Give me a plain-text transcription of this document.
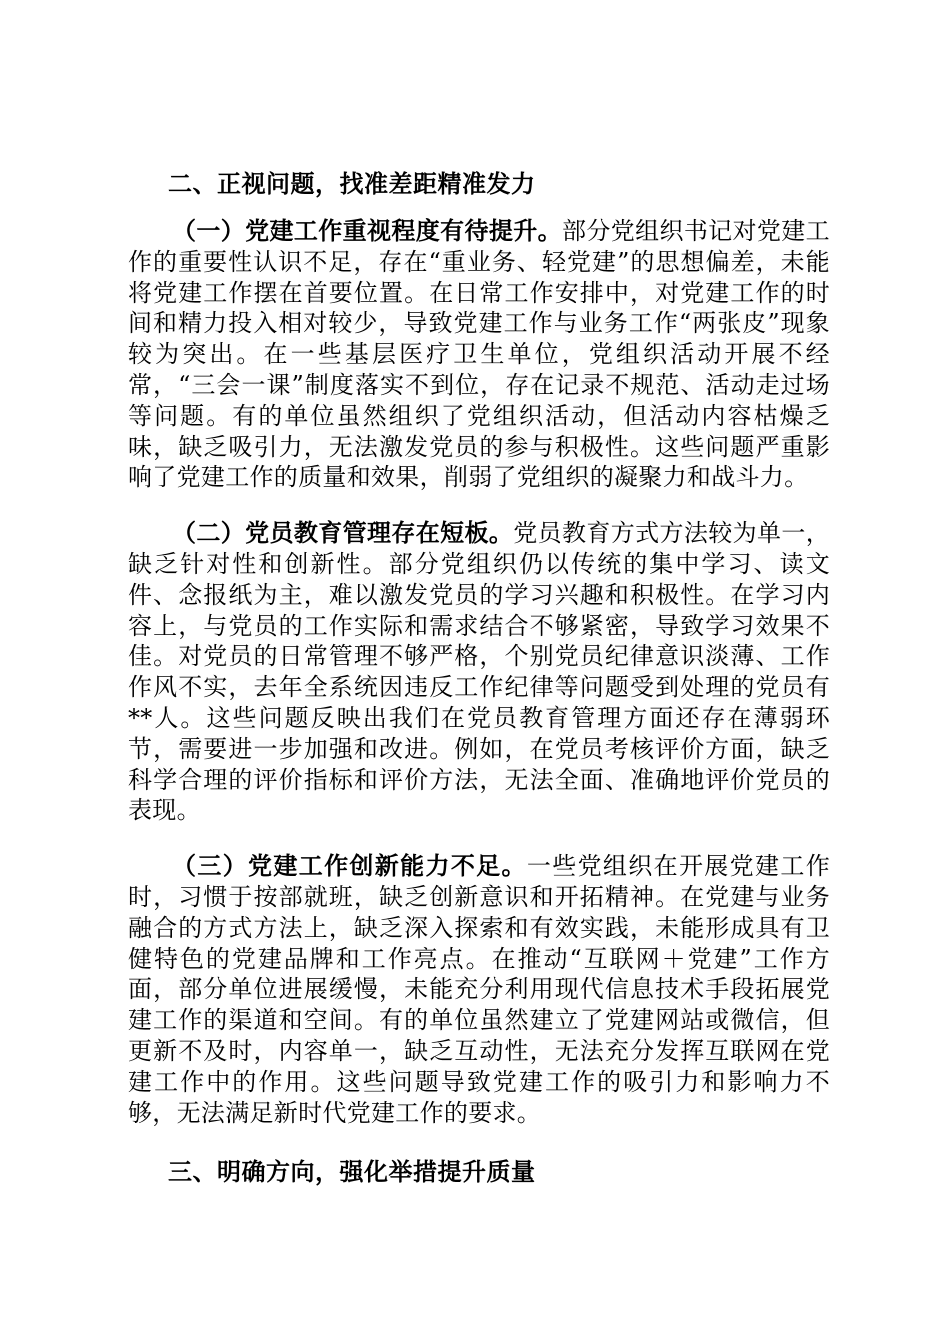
二、正视问题，找准差距精准发力

（一）党建工作重视程度有待提升。部分党组织书记对党建工作的重要性认识不足，存在“重业务、轻党建”的思想偏差，未能将党建工作摆在首要位置。在日常工作安排中，对党建工作的时间和精力投入相对较少，导致党建工作与业务工作“两张皮”现象较为突出。在一些基层医疗卫生单位，党组织活动开展不经常，“三会一课”制度落实不到位，存在记录不规范、活动走过场等问题。有的单位虽然组织了党组织活动，但活动内容枯燥乏味，缺乏吸引力，无法激发党员的参与积极性。这些问题严重影响了党建工作的质量和效果，削弱了党组织的凝聚力和战斗力。

（二）党员教育管理存在短板。党员教育方式方法较为单一，缺乏针对性和创新性。部分党组织仍以传统的集中学习、读文件、念报纸为主，难以激发党员的学习兴趣和积极性。在学习内容上，与党员的工作实际和需求结合不够紧密，导致学习效果不佳。对党员的日常管理不够严格，个别党员纪律意识淡薄、工作作风不实，去年全系统因违反工作纪律等问题受到处理的党员有**人。这些问题反映出我们在党员教育管理方面还存在薄弱环节，需要进一步加强和改进。例如，在党员考核评价方面，缺乏科学合理的评价指标和评价方法，无法全面、准确地评价党员的表现。

（三）党建工作创新能力不足。一些党组织在开展党建工作时，习惯于按部就班，缺乏创新意识和开拓精神。在党建与业务融合的方式方法上，缺乏深入探索和有效实践，未能形成具有卫健特色的党建品牌和工作亮点。在推动“互联网＋党建”工作方面，部分单位进展缓慢，未能充分利用现代信息技术手段拓展党建工作的渠道和空间。有的单位虽然建立了党建网站或微信，但更新不及时，内容单一，缺乏互动性，无法充分发挥互联网在党建工作中的作用。这些问题导致党建工作的吸引力和影响力不够，无法满足新时代党建工作的要求。

三、明确方向，强化举措提升质量
